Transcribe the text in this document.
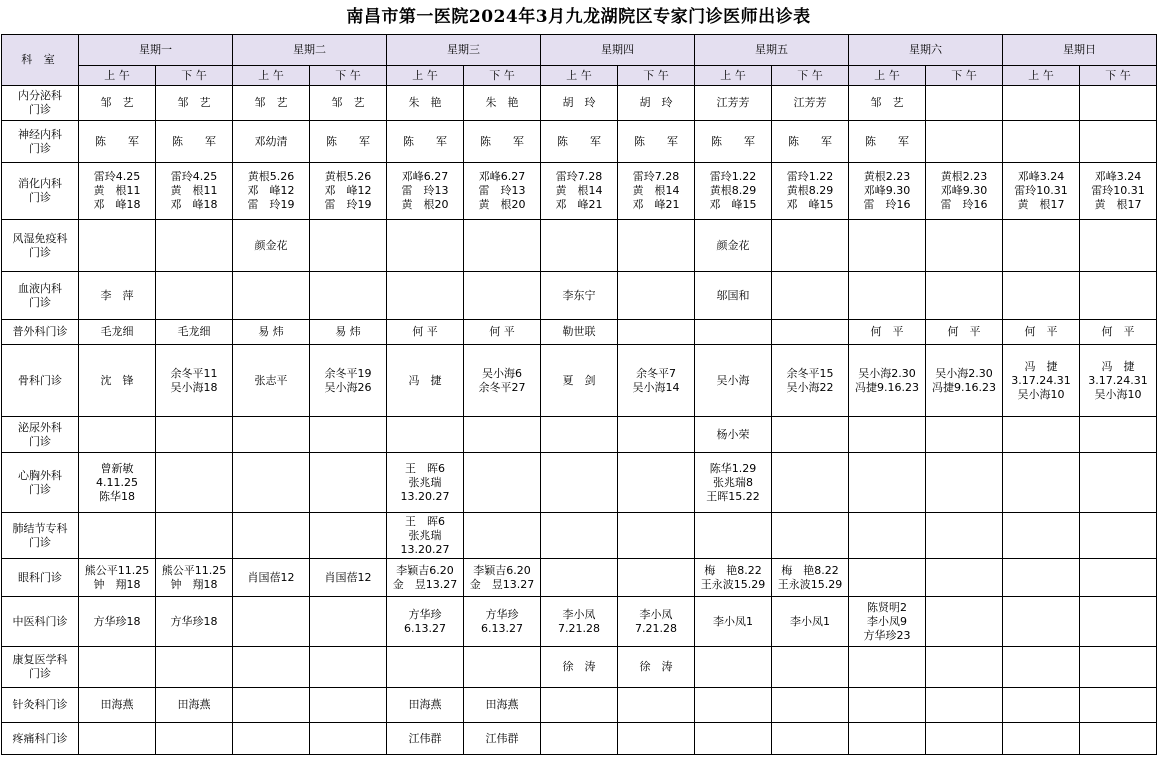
南昌市第一医院2024年3月九龙湖院区专家门诊医师出诊表
科 室	星期一		星期二		星期三		星期四		星期五		星期六		星期日	
	上 午	下 午	上 午	下 午	上 午	下 午	上 午	下 午	上 午	下 午	上 午	下 午	上 午	下 午
内分泌科
门诊	邹　艺	邹　艺	邹　艺	邹　艺	朱　艳	朱　艳	胡　玲	胡　玲	江芳芳	江芳芳	邹　艺			
神经内科
门诊	陈　　军	陈　　军	邓幼清	陈　　军	陈　　军	陈　　军	陈　　军	陈　　军	陈　　军	陈　　军	陈　　军			
消化内科
门诊	雷玲4.25
黄　根11
邓　峰18	雷玲4.25
黄　根11
邓　峰18	黄根5.26
邓　峰12
雷　玲19	黄根5.26
邓　峰12
雷　玲19	邓峰6.27
雷　玲13
黄　根20	邓峰6.27
雷　玲13
黄　根20	雷玲7.28
黄　根14
邓　峰21	雷玲7.28
黄　根14
邓　峰21	雷玲1.22
黄根8.29
邓　峰15	雷玲1.22
黄根8.29
邓　峰15	黄根2.23
邓峰9.30
雷　玲16	黄根2.23
邓峰9.30
雷　玲16	邓峰3.24
雷玲10.31
黄　根17	邓峰3.24
雷玲10.31
黄　根17
风湿免疫科
门诊			颜金花						颜金花					
血液内科
门诊	李　萍						李东宁		邬国和					
普外科门诊	毛龙细	毛龙细	易 炜	易 炜	何 平	何 平	勒世联				何　平	何　平	何　平	何　平
骨科门诊	沈　锋	余冬平11
吴小海18	张志平	余冬平19
吴小海26	冯　捷	吴小海6
余冬平27	夏　剑	余冬平7
吴小海14	吴小海	余冬平15
吴小海22	吴小海2.30
冯捷9.16.23	吴小海2.30
冯捷9.16.23	冯　捷
3.17.24.31
吴小海10	冯　捷
3.17.24.31
吴小海10
泌尿外科
门诊									杨小荣					
心胸外科
门诊	曾新敏
4.11.25
陈华18				王　晖6
张兆瑞
13.20.27				陈华1.29
张兆瑞8
王晖15.22					
肺结节专科
门诊					王　晖6
张兆瑞
13.20.27									
眼科门诊	熊公平11.25
钟　翔18	熊公平11.25
钟　翔18	肖国蓓12	肖国蓓12	李颖吉6.20
金　昱13.27	李颖吉6.20
金　昱13.27			梅　艳8.22
王永波15.29	梅　艳8.22
王永波15.29				
中医科门诊	方华珍18	方华珍18			方华珍
6.13.27	方华珍
6.13.27	李小凤
7.21.28	李小凤
7.21.28	李小凤1	李小凤1	陈贤明2
李小凤9
方华珍23			
康复医学科
门诊							徐　涛	徐　涛						
针灸科门诊	田海燕	田海燕			田海燕	田海燕								
疼痛科门诊					江伟群	江伟群								
